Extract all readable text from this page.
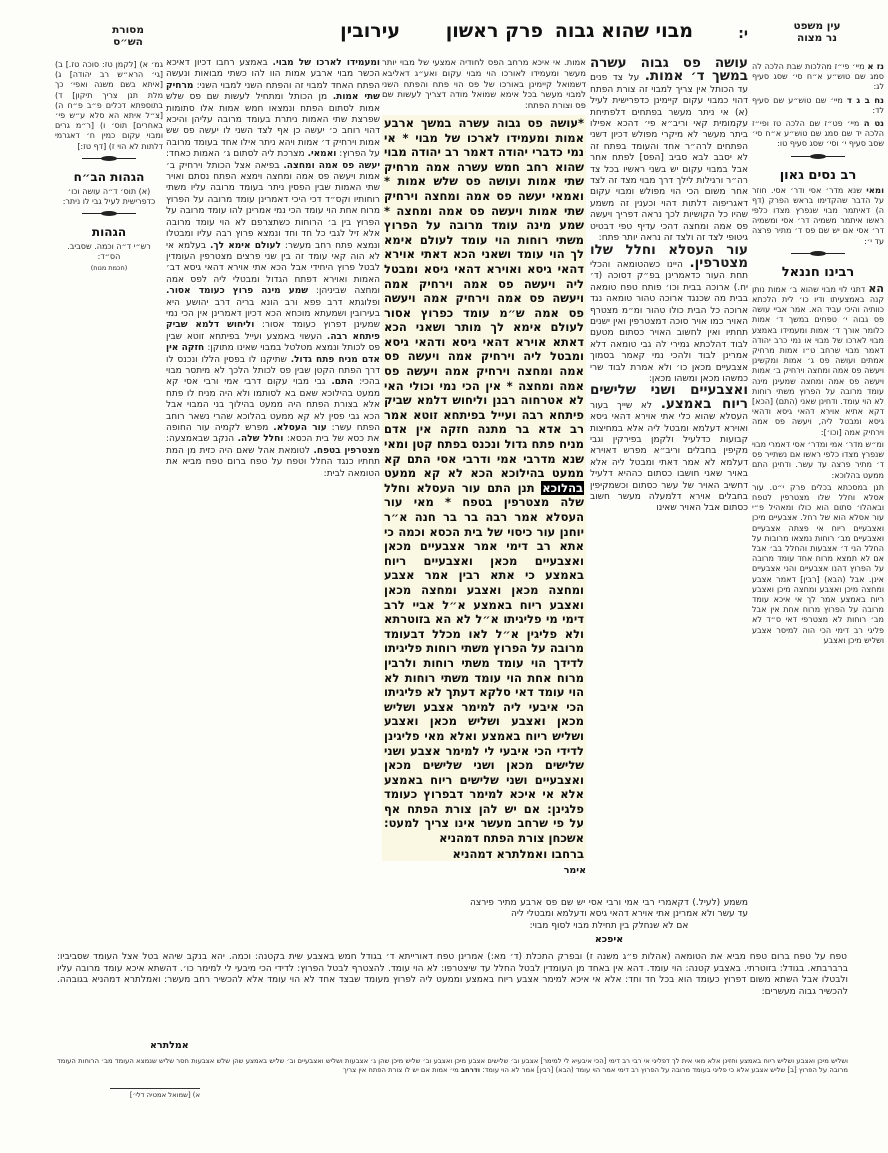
עין משפט
נר מצוה
י:
מבוי שהוא גבוה
פרק ראשון
עירובין
מסורת
הש״ס
נז א מיי׳ פי״ז מהלכות שבת הלכה לה סמג שם טוש״ע א״ח סי׳ שסג סעיף לג:
נח ב ג ד מיי׳ שם טוש״ע שם סעיף לד:
נט ה מיי׳ פט״ז שם הלכה טז ופי״ז הלכה יד שם סמג שם טוש״ע א״ח סי׳ שסב סעיף י׳ וסי׳ שסג סעיף טו:
רב נסים גאון
ומאי שנא מדר׳ אסי ודר׳ אסי. חוזר על הדבר שהקדימו בראש הפרק (דף ה) דאיתמר מבוי שנפרץ מצדו כלפי ראשו איתמר משמיה דר׳ אסי ומשמיה דר׳ אסי אם יש שם פס ד׳ מתיר פרצה עד י׳:
רבינו חננאל
הא דתני לוי מבוי שהוא ב׳ אמות נותן קנה באמצעיתו ודיו כו׳ לית הלכתא כוותיה והיכי עביד הא. אמר אביי עושה פס גבוה י׳ טפחים במשך ד׳ אמות כלומר אורך ד׳ אמות ומעמידו באמצע מבוי לארכו של מבוי או נמי כרב יהודה דאמר מבוי שרחב ט״ו אמות מרחיק אמתים ועושה פס ג׳ אמות ומקשינן ויעשה פס אמה ומחצה וירחיק ב׳ אמות ויעשה פס אמה ומחצה שמעינן מינה עומד מרובה על הפרוץ משתי רוחות לא הוי עומד. ודחינן שאני (התם) [הכא] דקא אתיא אוירא דהאי גיסא ודהאי גיסא ומבטל ליה, ויעשה פס אמה וירחיק אמה [וכו׳]:
ומ״ש מדר׳ אמי ומדר׳ אסי דאמרי מבוי שנפרץ מצדו כלפי ראשו אם נשתייר פס ד׳ מתיר פרצה עד עשר. ודחינן התם ממעט בהלוכא:
תנן במסכתא בכלים פרק י״ט. עור אסלא וחלל שלו מצטרפין לטפח ובאהלו׳ סתום הוא כולו ומאהיל פ״י עור אסלא הוא של רחל. אצבעיים מיכן ואצבעיים ריוח אי פצתה אצבעיים ואצבעיים מב׳ רוחות נמצאו מרובות על החלל הני ד׳ אצבעות והחלל בב׳ אבל אם לא תמצא מרוח אחד עומד מרובה על הפרוץ דהנו אצבעיים והני אצבעיים אינן. אבל (הבא) [רבין] דאמר אצבע ומחצה מיכן ואצבע ומחצה מיכן ואצבע ריוח באמצע אמר לך אי איכא עומד מרובה על הפרוץ מרוח אחת אין אבל מב׳ רוחות לא מצטרפי דאי ס״ד לא פליגי רב דימי הכי הוה למיסר אצבע ושליש מיכן ואצבע
עושה פס גבוה עשרה במשך ד׳ אמות. על צד פנים עד הכותל אין צריך למבוי זה צורת הפתח דהוי כמבוי עקום קיימינן כדפרישית לעיל (א) אי ניתר מעשר בפתחים דלפתיחת עקמומית קאי וריב״א פי׳ דהכא אפילו ביתר מעשר לא מיקרי מפולש דכיון דשני הפתחים לרה״ר אחד והעומד בפתח זה לא יסבב לבא סביב [הפס] לפתח אחר אבל במבוי עקום יש בשני ראשיו בכל צד רה״ר ורגילות לילך דרך מבוי מצד זה לצד אחר משום הכי הוי מפולש ומבוי עקום דאגריפוה דלתות דהוי וכענין זה משמע שהיו כל הקושיות לכך נראה דפריך ויעשה פס אמה ומחצה דהכי עדיף טפי דבטיט גיטופי לצד זה ולצד זה נראה יותר פתח:
עור העסלא וחלל שלו מצטרפין. היינו כשהטומאה והכלי תחת העור כדאמרינן בפ״ק דסוכה (ד׳ יח.) ארוכה בבית וכו׳ פותח טפח טומאה בבית מה שכנגד ארוכה טהור טומאה נגד ארוכה כל הבית כולו טהור ומ״מ מצטרף האויר כמו אויר סוכה דמצטרפין ואין ישנים תחתיו ואין לחשוב האויר כסתום מטעם לבוד דהלכתא גמירי לה גבי טומאה דלא אמרינן לבוד ולהכי נמי קאמר בסמוך אצבעיים מכאן כו׳ ולא אמרת לבוד שרי כמשהו מכאן ומשהו מכאן:
ואצבעיים ושני שלישים ריוח באמצע. לא שייך בעור העסלא שהוא כלי אתי אוירא דהאי גיסא ואוירא דעלמא ומבטל ליה אלא במחיצות קבועות כדלעיל ולקמן בפירקין וגבי מקיפין בחבלים וריב״א מפרש דאוירא דעלמא לא אמר דאתי ומבטל ליה אלא באויר שאני חושבו כסתום כההיא דלעיל דחשיב האויר של עשר כסתום וכשמקיפין בחבלים אוירא דלמעלה מעשר חשוב כסתום אבל האויר שאינו
משמע (לעיל.) דקאמרי רבי אמי ורבי אסי יש שם פס ארבע מתיר פירצה עד עשר ולא אמרינן אתי אוירא דהאי גיסא ודעלמא ומבטלי ליה
אם לא שנחלק בין תחילת מבוי לסוף מבוי:
איפכא
אמות. אי איכא מרחב הפס לחודיה אמצעי של מבוי יותר מעשר ומעמידו לאורכו הוי מבוי עקום ואע״ג דאליבא דשמואל קיימינן באורכו של פס הוי פתח והפתח השני למבוי מעשר בכל אימא שמואל מודה דצריך לעשות שם פס וצורת הפתח:
*עושה פס גבוה עשרה במשך ארבע אמות ומעמידו לארכו של מבוי * אי נמי כדברי יהודה דאמר רב יהודה מבוי שהוא רחב חמש עשרה אמה מרחיק שתי אמות ועושה פס שלש אמות * ואמאי יעשה פס אמה ומחצה וירחיק שתי אמות ויעשה פס אמה ומחצה * שמע מינה עומד מרובה על הפרוץ משתי רוחות הוי עומד לעולם אימא לך הוי עומד ושאני הכא דאתי אוירא דהאי גיסא ואוירא דהאי גיסא ומבטל ליה ויעשה פס אמה וירחיק אמה ויעשה פס אמה וירחיק אמה ויעשה פס אמה ש״מ עומד כפרוץ אסור לעולם אימא לך מותר ושאני הכא דאתא אוירא דהאי גיסא ודהאי גיסא ומבטל ליה וירחיק אמה ויעשה פס אמה ומחצה וירחיק אמה ויעשה פס אמה ומחצה * אין הכי נמי וכולי האי לא אטרחוה רבנן וליחוש דלמא שביק פיתחא רבה ועייל בפיתחא זוטא אמר רב אדא בר מתנה חזקה אין אדם מניח פתח גדול ונכנס בפתח קטן ומאי שנא מדרבי אמי ודרבי אסי התם קא ממעט בהילוכא הכא לא קא ממעט בהלוכא תנן התם עור העסלא וחלל שלה מצטרפין בטפח * מאי עור העסלא אמר רבה בר בר חנה א״ר יוחנן עור כיסוי של בית הכסא וכמה כי אתא רב דימי אמר אצבעיים מכאן ואצבעיים מכאן ואצבעיים ריוח באמצע כי אתא רבין אמר אצבע ומחצה מכאן ואצבע ומחצה מכאן ואצבע ריוח באמצע א״ל אביי לרב דימי מי פליגיתו א״ל לא הא בזוטרתא ולא פליגין א״ל לאו מכלל דבעומד מרובה על הפרוץ משתי רוחות פליגיתו לדידך הוי עומד משתי רוחות ולרבין מרוח אחת הוי עומד משתי רוחות לא הוי עומד דאי סלקא דעתך לא פליגיתו הכי איבעי ליה למימר אצבע ושליש מכאן ואצבע ושליש מכאן ואצבע ושליש ריוח באמצע ואלא מאי פליגינן לדידי הכי איבעי לי למימר אצבע ושני שלישים מכאן ושני שלישים מכאן ואצבעיים ושני שלישים ריוח באמצע אלא אי איכא למימר דבפרוץ כעומד פלגינן: אם יש להן צורת הפתח אף על פי שרחב מעשר אינו צריך למעט: אשכחן צורת הפתח דמהניא
ברחבו ואמלתרא דמהניא
אימר
ומעמידו לארכו של מבוי. באמצע רחבו דכיון דאיכא הכשר מבוי ארבע אמות הוו להו כשתי מבואות ונעשה הפתח האחד למבוי זה והפתח השני למבוי השני: מרחיק שתי אמות. מן הכותל ומתחיל לעשות שם פס שלש אמות לסתום הפתח ונמצאו חמש אמות אלו סתומות שפרצת שתי האמות ניתרת בעומד מרובה עליהן והיכא דהוי רוחב כ׳ יעשה כן אף לצד השני לו יעשה פס שש אמות וירחיק ד׳ אמות ויהא ניתר אילו אחד בעומד מרובה על הפרוץ: ואמאי. מצרכת ליה לסתום ג׳ האמות כאחד: יעשה פס אמה ומחצה. בפיאה אצל הכותל וירחיק ב׳ אמות ויעשה פס אמה ומחצה וימצא הפתח נסתם ואויר שתי האמות שבין הפסין ניתר בעומד מרובה עליו משתי רוחותיו וקס״ד דכי היכי דאמרינן עומד מרובה על הפרוץ מרוח אחת הוי עומד הכי נמי אמרינן להו עומד מרובה על הפרוץ בין ב׳ הרוחות כשתצרפם לא הוי עומד מרובה אלא זיל לגבי כל חד וחד ונמצא פרוץ רבה עליו ומבטלו ונמצא פתח רחב מעשר: לעולם אימא לך. בעלמא אי לא הוה קאי עומד זה בין שני פרצים מצטרפין העומדין לבטל פרוץ היחידי אבל הכא אתי אוירא דהאי גיסא דב׳ האמות ואוירא דפתח הגדול ומבטלי ליה לפס אמה ומחצה שביניהן: שמע מינה פרוץ כעומד אסור. ופלוגתא דרב פפא ורב הונא בריה דרב יהושע היא בעירובין ושמעתא מוכחא הכא דכיון דאמרינן אין הכי נמי שמעינן דפרוץ כעומד אסור: וליחוש דלמא שביק פיתחא רבה. העשוי באמצע ועייל בפיתחא זוטא שבין פס לכותל ונמצא מטלטל במבוי שאינו מתוקן: חזקה אין אדם מניח פתח גדול. שתיקנו לו בפסין הללו ונכנס לו דרך הפתח הקטן שבין פס לכותל הלכך לא מיתסר מבוי בהכי: התם. גבי מבוי עקום דרבי אמי ורבי אסי קא ממעט בהילוכא שאם בא לסותמו ולא היה מניח לו פתח אלא בצורת הפתח היה ממעט בהילוך בני המבוי אבל הכא גבי פסין לא קא ממעט בהלוכא שהרי נשאר רוחב הפתח עשר: עור העסלא. מפרש לקמיה עור החופה את כסא של בית הכסא: וחלל שלה. הנקב שבאמצעה: מצטרפין בטפח. לטומאת אהל שאם היה כזית מן המת תחתיו כנגד החלל וטפח על טפח ברום טפח מביא את הטומאה לבית:
גמ׳ א) [לקמן טז: סוכה טז.] ב) [גי׳ הרא״ש רב יהודה] ג) [איתא בשם משנה ואפי׳ כך מלת תנן צריך תיקון] ד) בתוספתא דכלים פ״ב פ״ח ה) [צ״ל איתא הא סלא ע״ש פי׳ באחרים] תוס׳ ו) [ר״מ גרים ומבוי עקום כמין ח׳ דאגרמי דלתות לא הוי ז) [דף טז:]
הגהות הב״ח
(א) תוס׳ ד״ה עושה וכו׳ כדפרישית לעיל גבי לו ניתר:
הגהות
רש״י ד״ה וכמה. שסביב. הס״ד:
(חכמת מנוח)
טפח על טפח ברום טפח מביא את הטומאה (אהלות פ״ג משנה ז) ובפרק התכלת (ד׳ מא:) אמרינן טפח דאורייתא ד׳ בגודל חמש באצבע שית בקטנה: וכמה. יהא בנקב שיהא בטל אצל העומד שסביביו: ברברבתא. בגודל: בזוטרתי. באצבע קטנה: הוי עומד. דהא אין באחד מן העומדין לבטל החלל עד שיצטרפו: לא הוי עומד. להצטרף לבטל הפרוץ: לדידי הכי מיבעי לי למימר כו׳. דהשתא איכא עומד מרובה עליו ולבטלו אבל השתא משום דפרוץ כעומד הוא בכל חד וחד: אלא אי איכא למימר אצבע ריוח באמצע וממעט ליה לפרוץ מעומד שבצד אחד לא הוי עומד אלא להכשיר רחב מעשר: ואמלתרא דמהניא בגובהה. להכשיר גבוה מעשרים:
אמלתרא
ושליש מיכן ואצבע ושליש ריוח באמצע וחזינן אלא מאי אית לך דפליגי אי רבי רב דימי [הכי איבעיא לי למימר] אצבע וב׳ שלישים אצבע מיכן ואצבע וב׳ שליש מיכן שהן ג׳ אצבעות ושליש ואצבעיים וב׳ שליש באמצע שהן שלש אצבעות חסר שליש שנמצא העומד מב׳ הרוחות העומד מרובה על הפרוץ [ב] שליש אצבע אלא כי פליגי בעומד מרובה על הפרוץ רב דימי אמר הוי עומד (הבא) [רבין] אמר לא הוי עומד: ודרחב מי׳ אמות אם יש לו צורת הפתח אין צריך
א) [שמואל אמטיה דלי׳]
